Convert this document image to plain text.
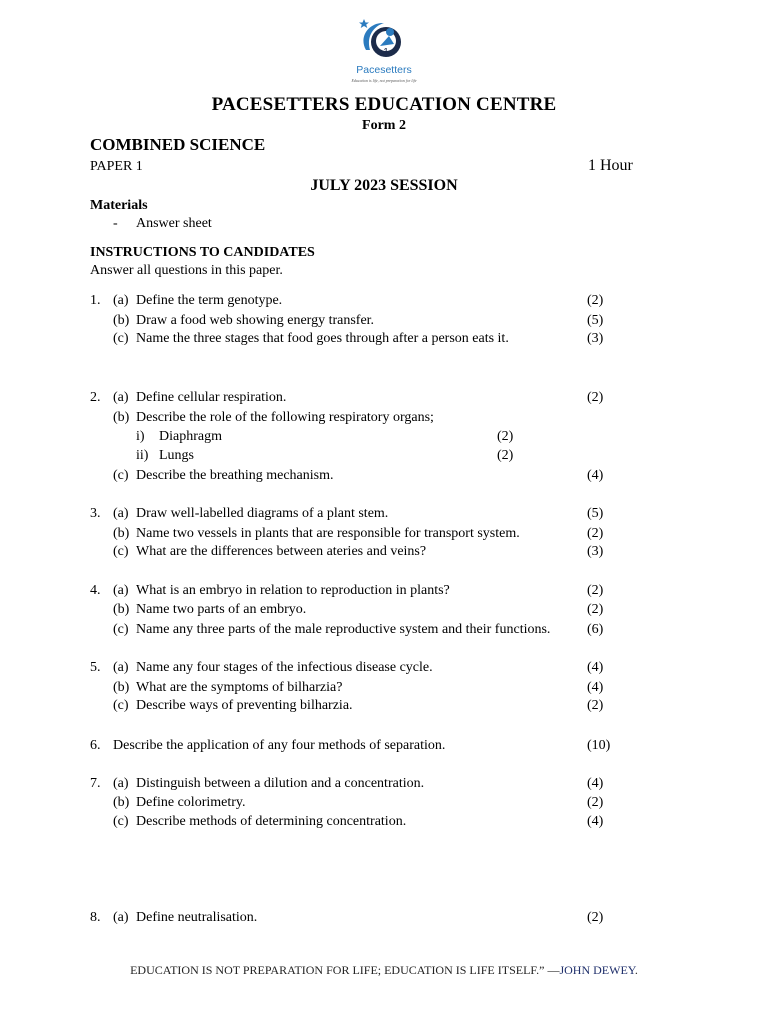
1
Pacesetters
Education is life, not preparation for life
PACESETTERS EDUCATION CENTRE
Form 2
COMBINED SCIENCE
PAPER 1	1 Hour
JULY 2023 SESSION
Materials
- Answer sheet
INSTRUCTIONS TO CANDIDATES
Answer all questions in this paper.
1. (a) Define the term genotype.	(2)
(b) Draw a food web showing energy transfer.	(5)
(c) Name the three stages that food goes through after a person eats it.	(3)
2. (a) Define cellular respiration.	(2)
(b) Describe the role of the following respiratory organs;
i) Diaphragm	(2)
ii) Lungs	(2)
(c) Describe the breathing mechanism.	(4)
3. (a) Draw well-labelled diagrams of a plant stem.	(5)
(b) Name two vessels in plants that are responsible for transport system.	(2)
(c) What are the differences between ateries and veins?	(3)
4. (a) What is an embryo in relation to reproduction in plants?	(2)
(b) Name two parts of an embryo.	(2)
(c) Name any three parts of the male reproductive system and their functions.	(6)
5. (a) Name any four stages of the infectious disease cycle.	(4)
(b) What are the symptoms of bilharzia?	(4)
(c) Describe ways of preventing bilharzia.	(2)
6. Describe the application of any four methods of separation.	(10)
7. (a) Distinguish between a dilution and a concentration.	(4)
(b) Define colorimetry.	(2)
(c) Describe methods of determining concentration.	(4)
8. (a) Define neutralisation.	(2)
EDUCATION IS NOT PREPARATION FOR LIFE; EDUCATION IS LIFE ITSELF.” —JOHN DEWEY.
